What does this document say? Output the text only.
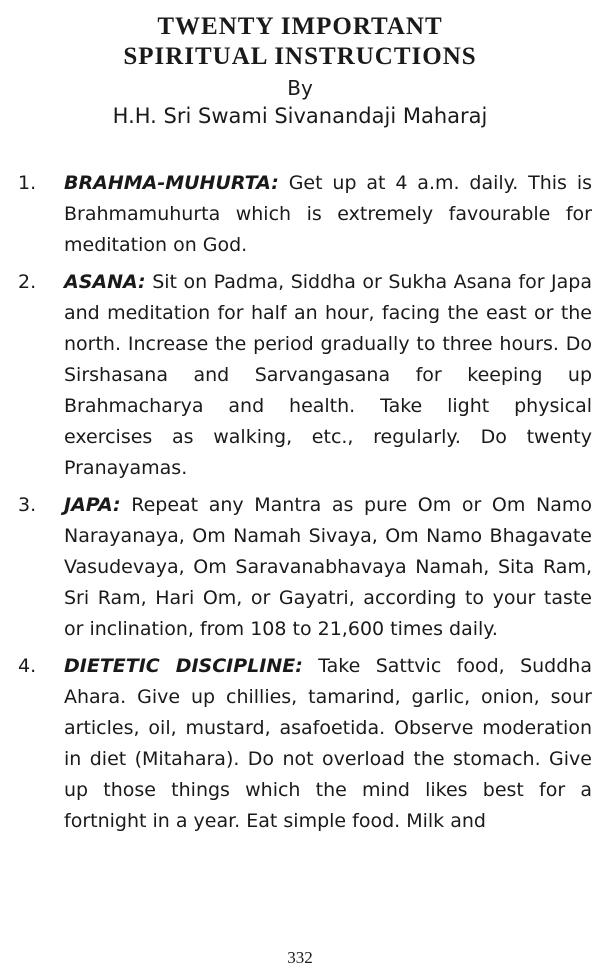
TWENTY IMPORTANT
SPIRITUAL INSTRUCTIONS
By
H.H. Sri Swami Sivanandaji Maharaj
1.	BRAHMA-MUHURTA: Get up at 4 a.m. daily. This is Brahmamuhurta which is extremely favourable for meditation on God.
2.	ASANA: Sit on Padma, Siddha or Sukha Asana for Japa and meditation for half an hour, facing the east or the north. Increase the period gradually to three hours. Do Sirshasana and Sarvangasana for keeping up Brahmacharya and health. Take light physical exercises as walking, etc., regularly. Do twenty Pranayamas.
3.	JAPA: Repeat any Mantra as pure Om or Om Namo Narayanaya, Om Namah Sivaya, Om Namo Bhagavate Vasudevaya, Om Saravanabhavaya Namah, Sita Ram, Sri Ram, Hari Om, or Gayatri, according to your taste or inclination, from 108 to 21,600 times daily.
4.	DIETETIC DISCIPLINE: Take Sattvic food, Suddha Ahara. Give up chillies, tamarind, garlic, onion, sour articles, oil, mustard, asafoetida. Observe moderation in diet (Mitahara). Do not overload the stomach. Give up those things which the mind likes best for a fortnight in a year. Eat simple food. Milk and
332
